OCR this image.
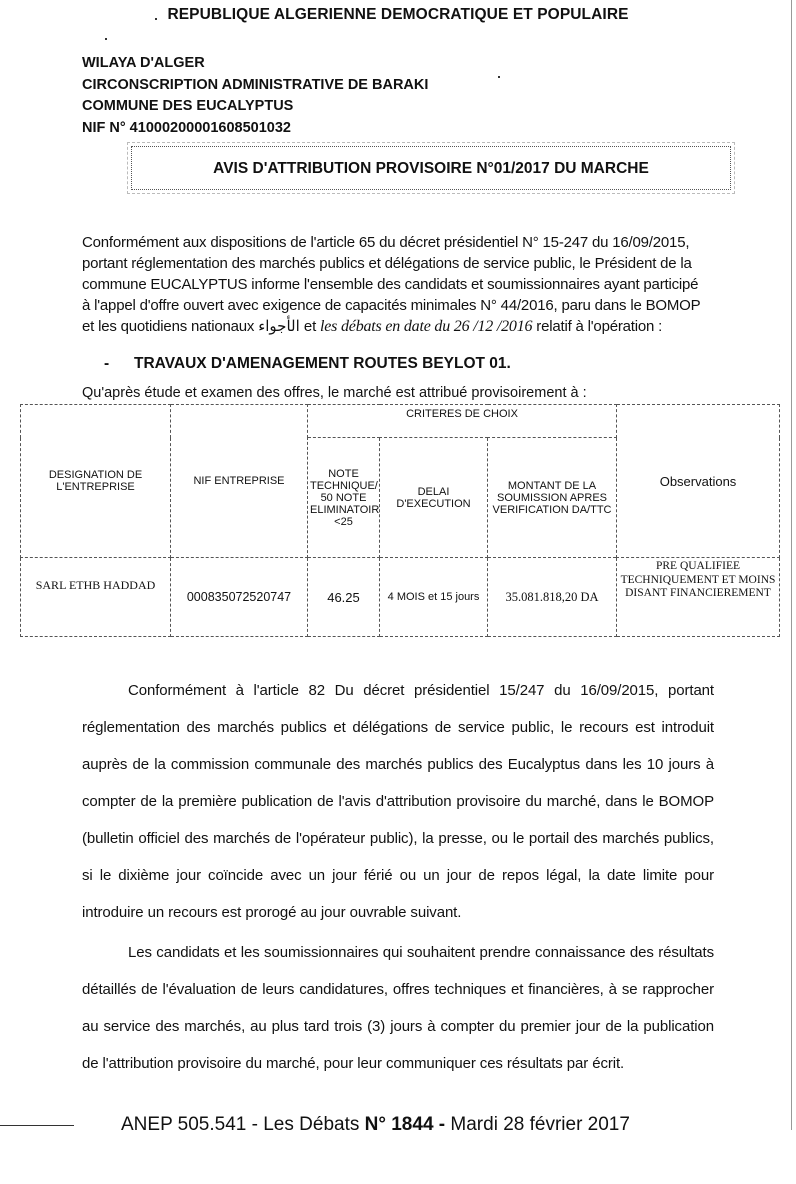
REPUBLIQUE ALGERIENNE DEMOCRATIQUE ET POPULAIRE
WILAYA D'ALGER
CIRCONSCRIPTION ADMINISTRATIVE DE BARAKI
COMMUNE DES EUCALYPTUS
NIF N° 41000200001608501032
AVIS D'ATTRIBUTION PROVISOIRE N°01/2017 DU MARCHE
Conformément aux dispositions de l'article 65 du décret présidentiel N° 15-247 du 16/09/2015,
portant réglementation des marchés publics et délégations de service public, le Président de la
commune EUCALYPTUS informe l'ensemble des candidats et soumissionnaires ayant participé
à l'appel d'offre ouvert avec exigence de capacités minimales N° 44/2016, paru dans le BOMOP
et les quotidiens nationaux الأجواء et les débats en date du 26 /12 /2016 relatif à l'opération :
- TRAVAUX D'AMENAGEMENT ROUTES BEYLOT 01.
Qu'après étude et examen des offres, le marché est attribué provisoirement à :
DESIGNATION DE L'ENTREPRISE	NIF ENTREPRISE	CRITERES DE CHOIX			Observations
		NOTE TECHNIQUE/ 50 NOTE ELIMINATOIR <25	DELAI D'EXECUTION	MONTANT DE LA SOUMISSION APRES VERIFICATION DA/TTC	
SARL ETHB HADDAD	000835072520747	46.25	4 MOIS et 15 jours	35.081.818,20 DA	PRE QUALIFIEE TECHNIQUEMENT ET MOINS DISANT FINANCIEREMENT

Conformément à l'article 82 Du décret présidentiel 15/247 du 16/09/2015, portant réglementation des marchés publics et délégations de service public, le recours est introduit auprès de la commission communale des marchés publics des Eucalyptus dans les 10 jours à compter de la première publication de l'avis d'attribution provisoire du marché, dans le BOMOP (bulletin officiel des marchés de l'opérateur public), la presse, ou le portail des marchés publics, si le dixième jour coïncide avec un jour férié ou un jour de repos légal, la date limite pour introduire un recours est prorogé au jour ouvrable suivant.

Les candidats et les soumissionnaires qui souhaitent prendre connaissance des résultats détaillés de l'évaluation de leurs candidatures, offres techniques et financières, à se rapprocher au service des marchés, au plus tard trois (3) jours à compter du premier jour de la publication de l'attribution provisoire du marché, pour leur communiquer ces résultats par écrit.

ANEP 505.541 - Les Débats N° 1844 - Mardi 28 février 2017
